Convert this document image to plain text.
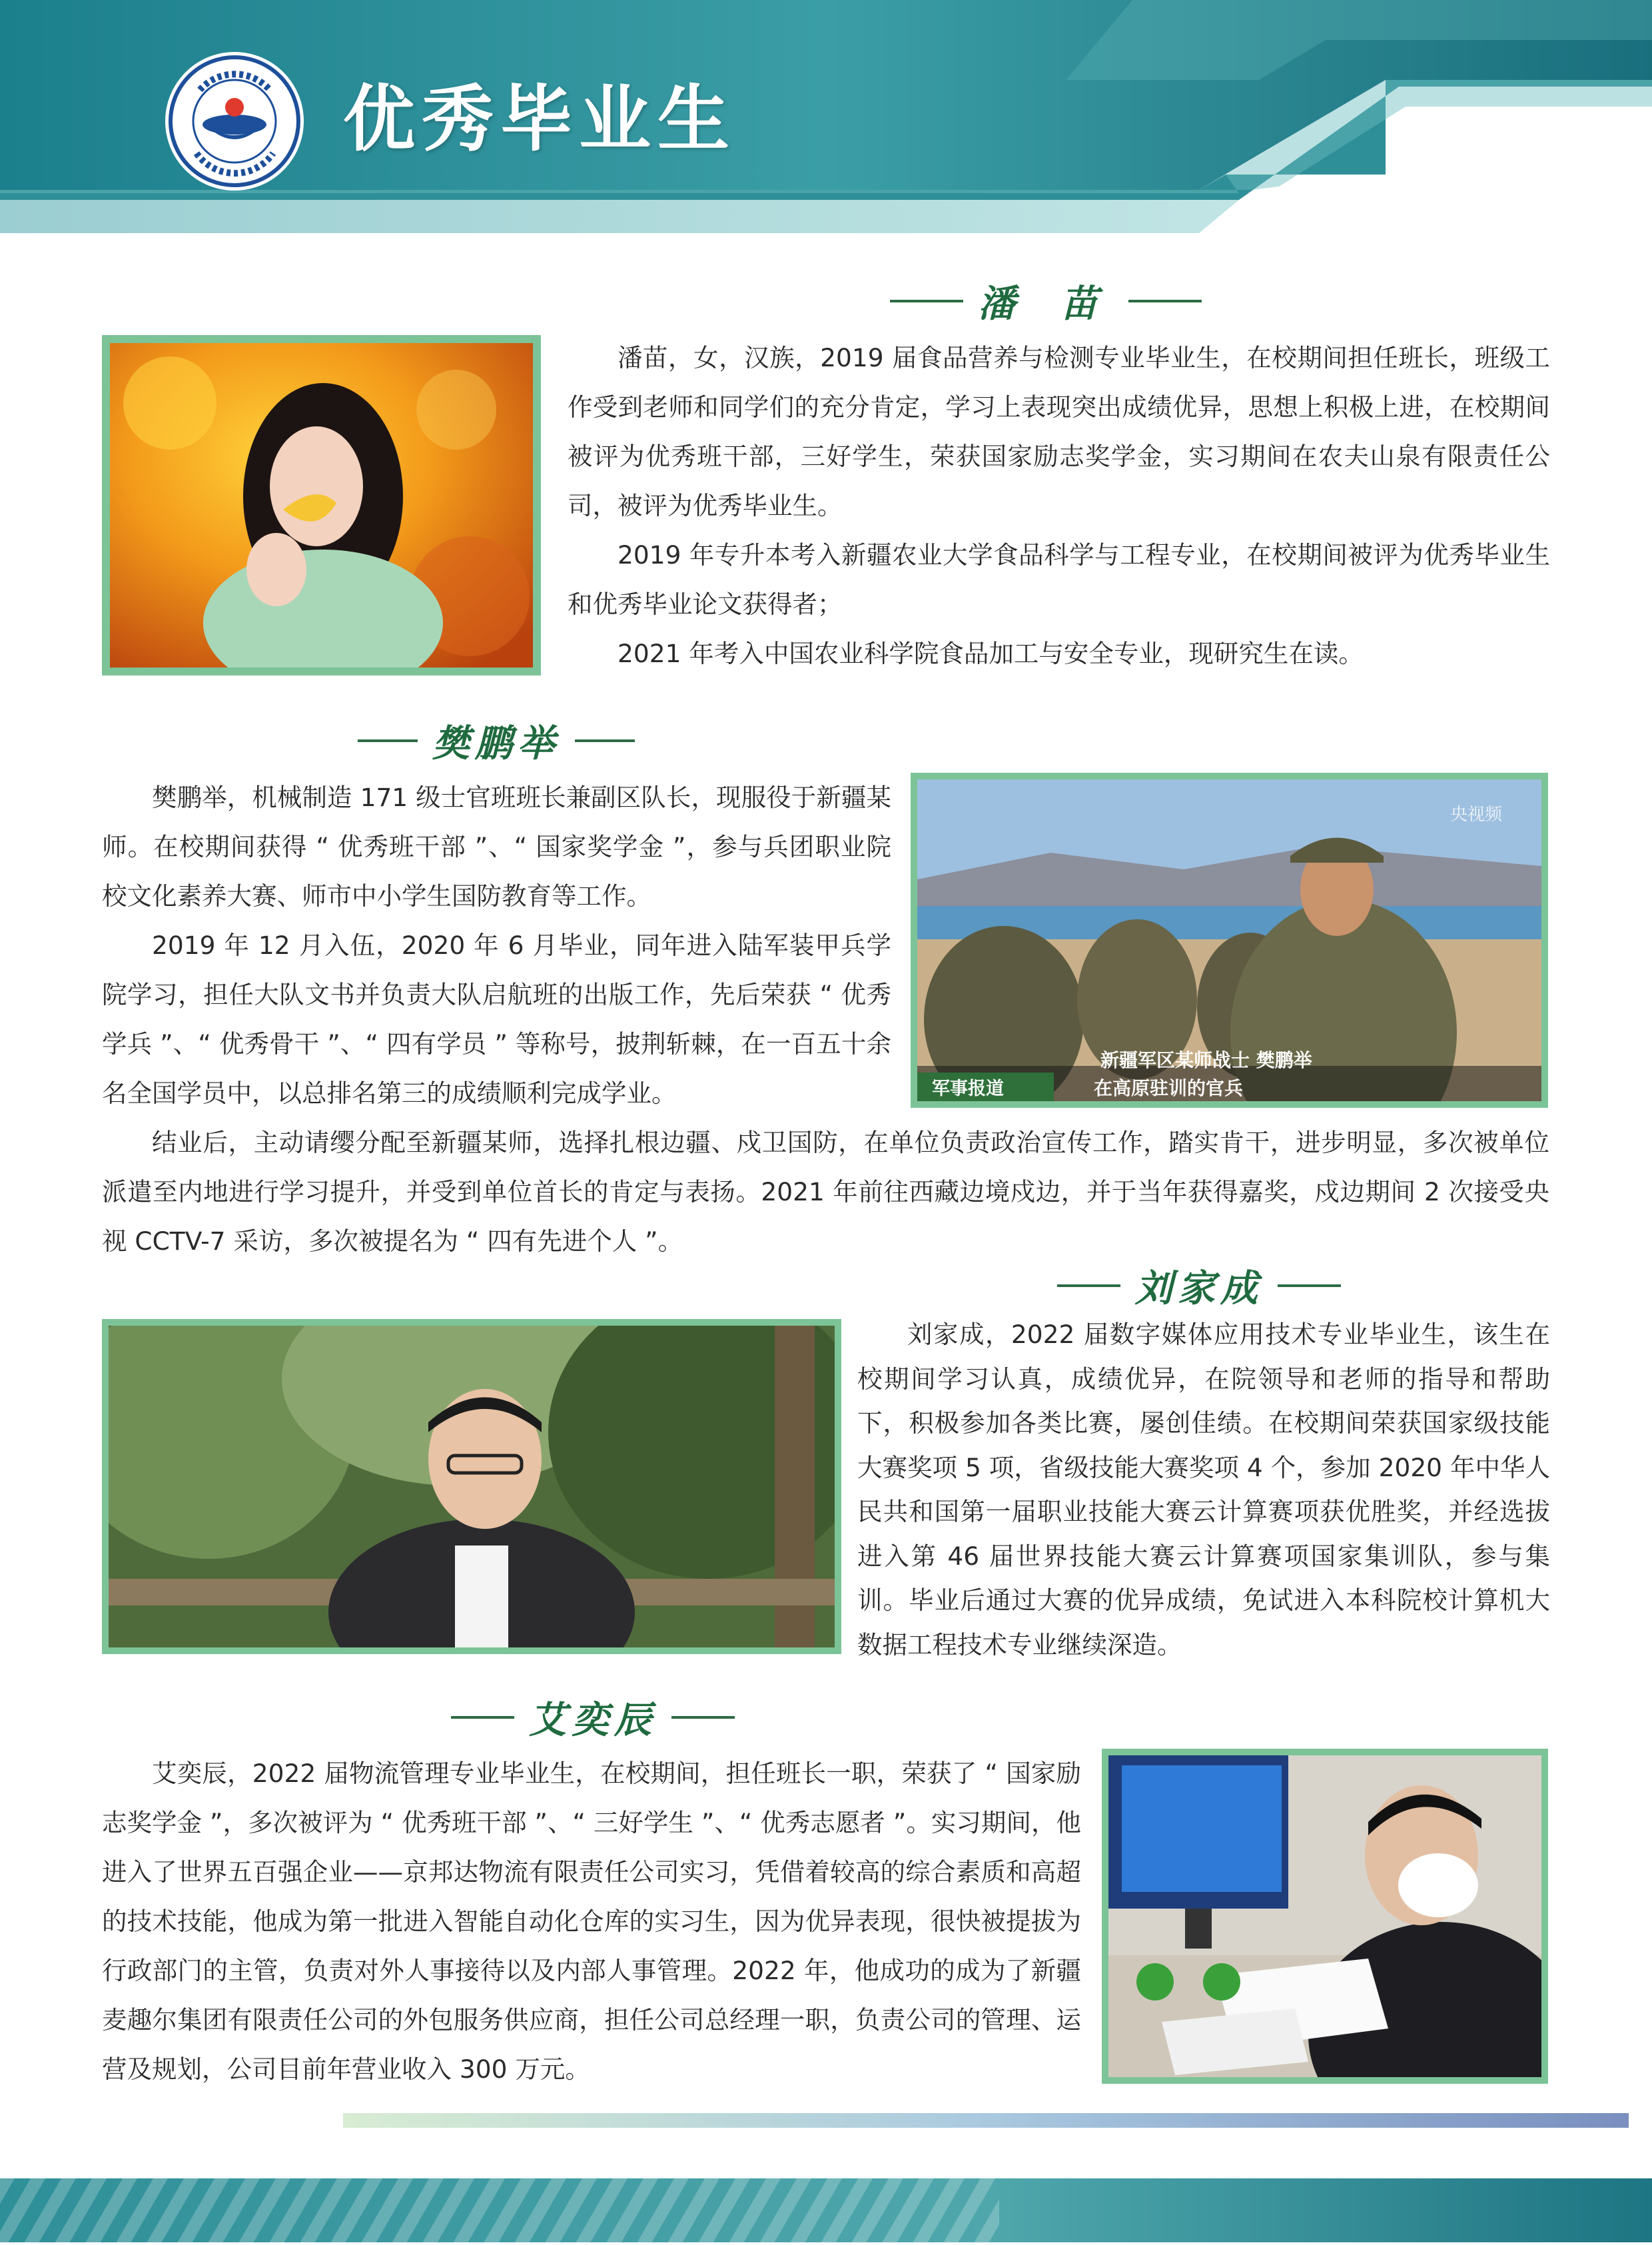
优秀毕业生
潘 苗

潘苗，女，汉族，2019 届食品营养与检测专业毕业生，在校期间担任班长，班级工作受到老师和同学们的充分肯定，学习上表现突出成绩优异，思想上积极上进，在校期间被评为优秀班干部，三好学生，荣获国家励志奖学金，实习期间在农夫山泉有限责任公司，被评为优秀毕业生。

2019 年专升本考入新疆农业大学食品科学与工程专业，在校期间被评为优秀毕业生和优秀毕业论文获得者；

2021 年考入中国农业科学院食品加工与安全专业，现研究生在读。

樊鹏举

樊鹏举，机械制造 171 级士官班班长兼副区队长，现服役于新疆某师。在校期间获得 “ 优秀班干部 ”、“ 国家奖学金 ”，参与兵团职业院校文化素养大赛、师市中小学生国防教育等工作。

2019 年 12 月入伍，2020 年 6 月毕业，同年进入陆军装甲兵学院学习，担任大队文书并负责大队启航班的出版工作，先后荣获 “ 优秀学兵 ”、“ 优秀骨干 ”、“ 四有学员 ” 等称号，披荆斩棘，在一百五十余名全国学员中，以总排名第三的成绩顺利完成学业。	军事报道
新疆军区某师战士 樊鹏举
在高原驻训的官兵
央视频

结业后，主动请缨分配至新疆某师，选择扎根边疆、戍卫国防，在单位负责政治宣传工作，踏实肯干，进步明显，多次被单位派遣至内地进行学习提升，并受到单位首长的肯定与表扬。2021 年前往西藏边境戍边，并于当年获得嘉奖，戍边期间 2 次接受央视 CCTV-7 采访，多次被提名为 “ 四有先进个人 ”。

刘家成

刘家成，2022 届数字媒体应用技术专业毕业生，该生在校期间学习认真，成绩优异，在院领导和老师的指导和帮助下，积极参加各类比赛，屡创佳绩。在校期间荣获国家级技能大赛奖项 5 项，省级技能大赛奖项 4 个，参加 2020 年中华人民共和国第一届职业技能大赛云计算赛项获优胜奖，并经选拔进入第 46 届世界技能大赛云计算赛项国家集训队，参与集训。毕业后通过大赛的优异成绩，免试进入本科院校计算机大数据工程技术专业继续深造。

艾奕辰

艾奕辰，2022 届物流管理专业毕业生，在校期间，担任班长一职，荣获了 “ 国家励志奖学金 ”，多次被评为 “ 优秀班干部 ”、“ 三好学生 ”、“ 优秀志愿者 ”。实习期间，他进入了世界五百强企业——京邦达物流有限责任公司实习，凭借着较高的综合素质和高超的技术技能，他成为第一批进入智能自动化仓库的实习生，因为优异表现，很快被提拔为行政部门的主管，负责对外人事接待以及内部人事管理。2022 年，他成功的成为了新疆麦趣尔集团有限责任公司的外包服务供应商，担任公司总经理一职，负责公司的管理、运营及规划，公司目前年营业收入 300 万元。
